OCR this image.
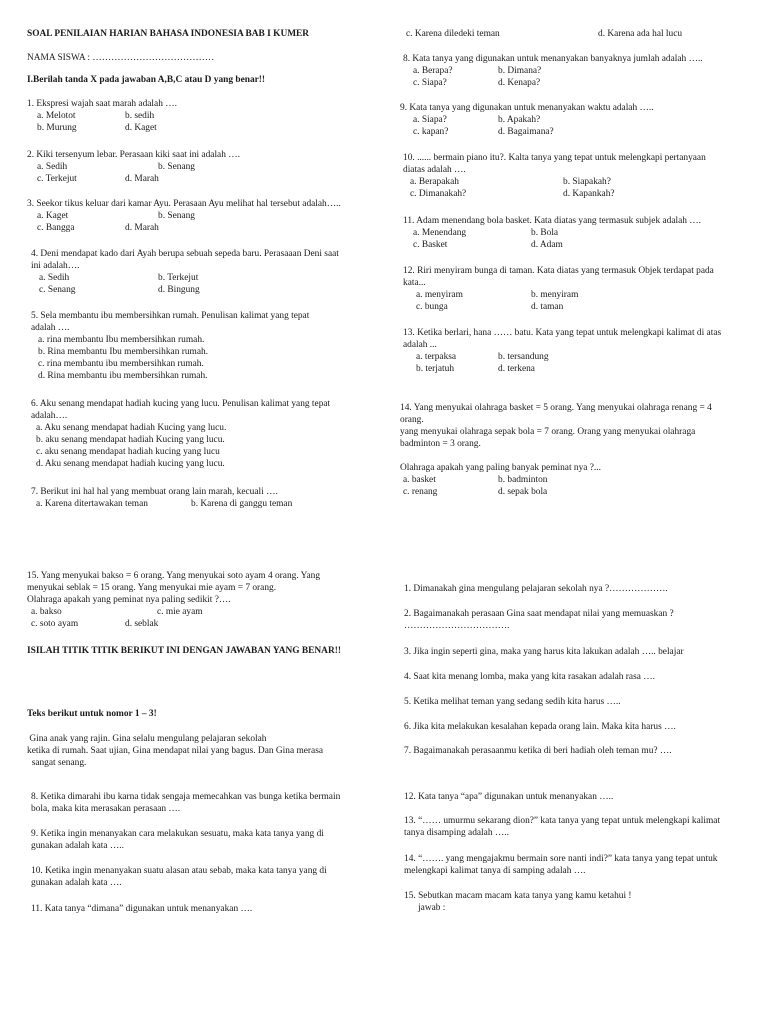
SOAL PENILAIAN HARIAN BAHASA INDONESIA BAB I KUMER
NAMA SISWA : …………………………………
I.Berilah tanda X pada jawaban A,B,C atau D yang benar!!
1. Ekspresi wajah saat marah adalah ….
a. Melotot	b. sedih
b. Murung	d. Kaget
2. Kiki tersenyum lebar. Perasaan kiki saat ini adalah ….
a. Sedih	b. Senang
c. Terkejut	d. Marah
3. Seekor tikus keluar dari kamar Ayu. Perasaan Ayu melihat hal tersebut adalah…..
a. Kaget	b. Senang
c. Bangga	d. Marah
4. Deni mendapat kado dari Ayah berupa sebuah sepeda baru. Perasaaan Deni saat
ini adalah….
a. Sedih	b. Terkejut
c. Senang	d. Bingung
5. Sela membantu ibu membersihkan rumah. Penulisan kalimat yang tepat
adalah ….
a. rina membantu Ibu membersihkan rumah.
b. Rina membantu Ibu membersihkan rumah.
c. rina membantu ibu membersihkan rumah.
d. Rina membantu ibu membersihkan rumah.
6. Aku senang mendapat hadiah kucing yang lucu. Penulisan kalimat yang tepat
adalah….
a. Aku senang mendapat hadiah Kucing yang lucu.
b. aku senang mendapat hadiah Kucing yang lucu.
c. aku senang mendapat hadiah kucing yang lucu
d. Aku senang mendapat hadiah kucing yang lucu.
7. Berikut ini hal hal yang membuat orang lain marah, kecuali ….
a. Karena ditertawakan teman	b. Karena di ganggu teman
c. Karena diledeki teman	d. Karena ada hal lucu
8. Kata tanya yang digunakan untuk menanyakan banyaknya jumlah adalah …..
a. Berapa?	b. Dimana?
c. Siapa?	d. Kenapa?
9. Kata tanya yang digunakan untuk menanyakan waktu adalah …..
a. Siapa?	b. Apakah?
c. kapan?	d. Bagaimana?
10. ...... bermain piano itu?. Kalta tanya yang tepat untuk melengkapi pertanyaan
diatas adalah ….
a. Berapakah	b. Siapakah?
c. Dimanakah?	d. Kapankah?
11. Adam menendang bola basket. Kata diatas yang termasuk subjek adalah ….
a. Menendang	b. Bola
c. Basket	d. Adam
12. Riri menyiram bunga di taman. Kata diatas yang termasuk Objek terdapat pada
kata...
a. menyiram	b. menyiram
c. bunga	d. taman
13. Ketika berlari, hana …… batu. Kata yang tepat untuk melengkapi kalimat di atas
adalah ...
a. terpaksa	b. tersandung
b. terjatuh	d. terkena
14. Yang menyukai olahraga basket = 5 orang. Yang menyukai olahraga renang = 4
orang.
yang menyukai olahraga sepak bola = 7 orang. Orang yang menyukai olahraga
badminton = 3 orang.
Olahraga apakah yang paling banyak peminat nya ?...
a. basket	b. badminton
c. renang	d. sepak bola
15. Yang menyukai bakso = 6 orang. Yang menyukai soto ayam 4 orang. Yang
menyukai seblak = 15 orang. Yang menyukai mie ayam = 7 orang.
Olahraga apakah yang peminat nya paling sedikit ?….
a. bakso	c. mie ayam
c. soto ayam	d. seblak
ISILAH TITIK TITIK BERIKUT INI DENGAN JAWABAN YANG BENAR!!
Teks berikut untuk nomor 1 – 3!
Gina anak yang rajin. Gina selalu mengulang pelajaran sekolah
ketika di rumah. Saat ujian, Gina mendapat nilai yang bagus. Dan Gina merasa
sangat senang.
8. Ketika dimarahi ibu karna tidak sengaja memecahkan vas bunga ketika bermain
bola, maka kita merasakan perasaan ….
9. Ketika ingin menanyakan cara melakukan sesuatu, maka kata tanya yang di
gunakan adalah kata …..
10. Ketika ingin menanyakan suatu alasan atau sebab, maka kata tanya yang di
gunakan adalah kata ….
11. Kata tanya “dimana” digunakan untuk menanyakan ….
1. Dimanakah gina mengulang pelajaran sekolah nya ?……………….
2. Bagaimanakah perasaan Gina saat mendapat nilai yang memuaskan ?
…………………………….
3. Jika ingin seperti gina, maka yang harus kita lakukan adalah ….. belajar
4. Saat kita menang lomba, maka yang kita rasakan adalah rasa ….
5. Ketika melihat teman yang sedang sedih kita harus …..
6. Jika kita melakukan kesalahan kepada orang lain. Maka kita harus ….
7. Bagaimanakah perasaanmu ketika di beri hadiah oleh teman mu? ….
12. Kata tanya “apa” digunakan untuk menanyakan …..
13. “…… umurmu sekarang dion?” kata tanya yang tepat untuk melengkapi kalimat
tanya disamping adalah …..
14. “……. yang mengajakmu bermain sore nanti indi?” kata tanya yang tepat untuk
melengkapi kalimat tanya di samping adalah ….
15. Sebutkan macam macam kata tanya yang kamu ketahui !
jawab :
